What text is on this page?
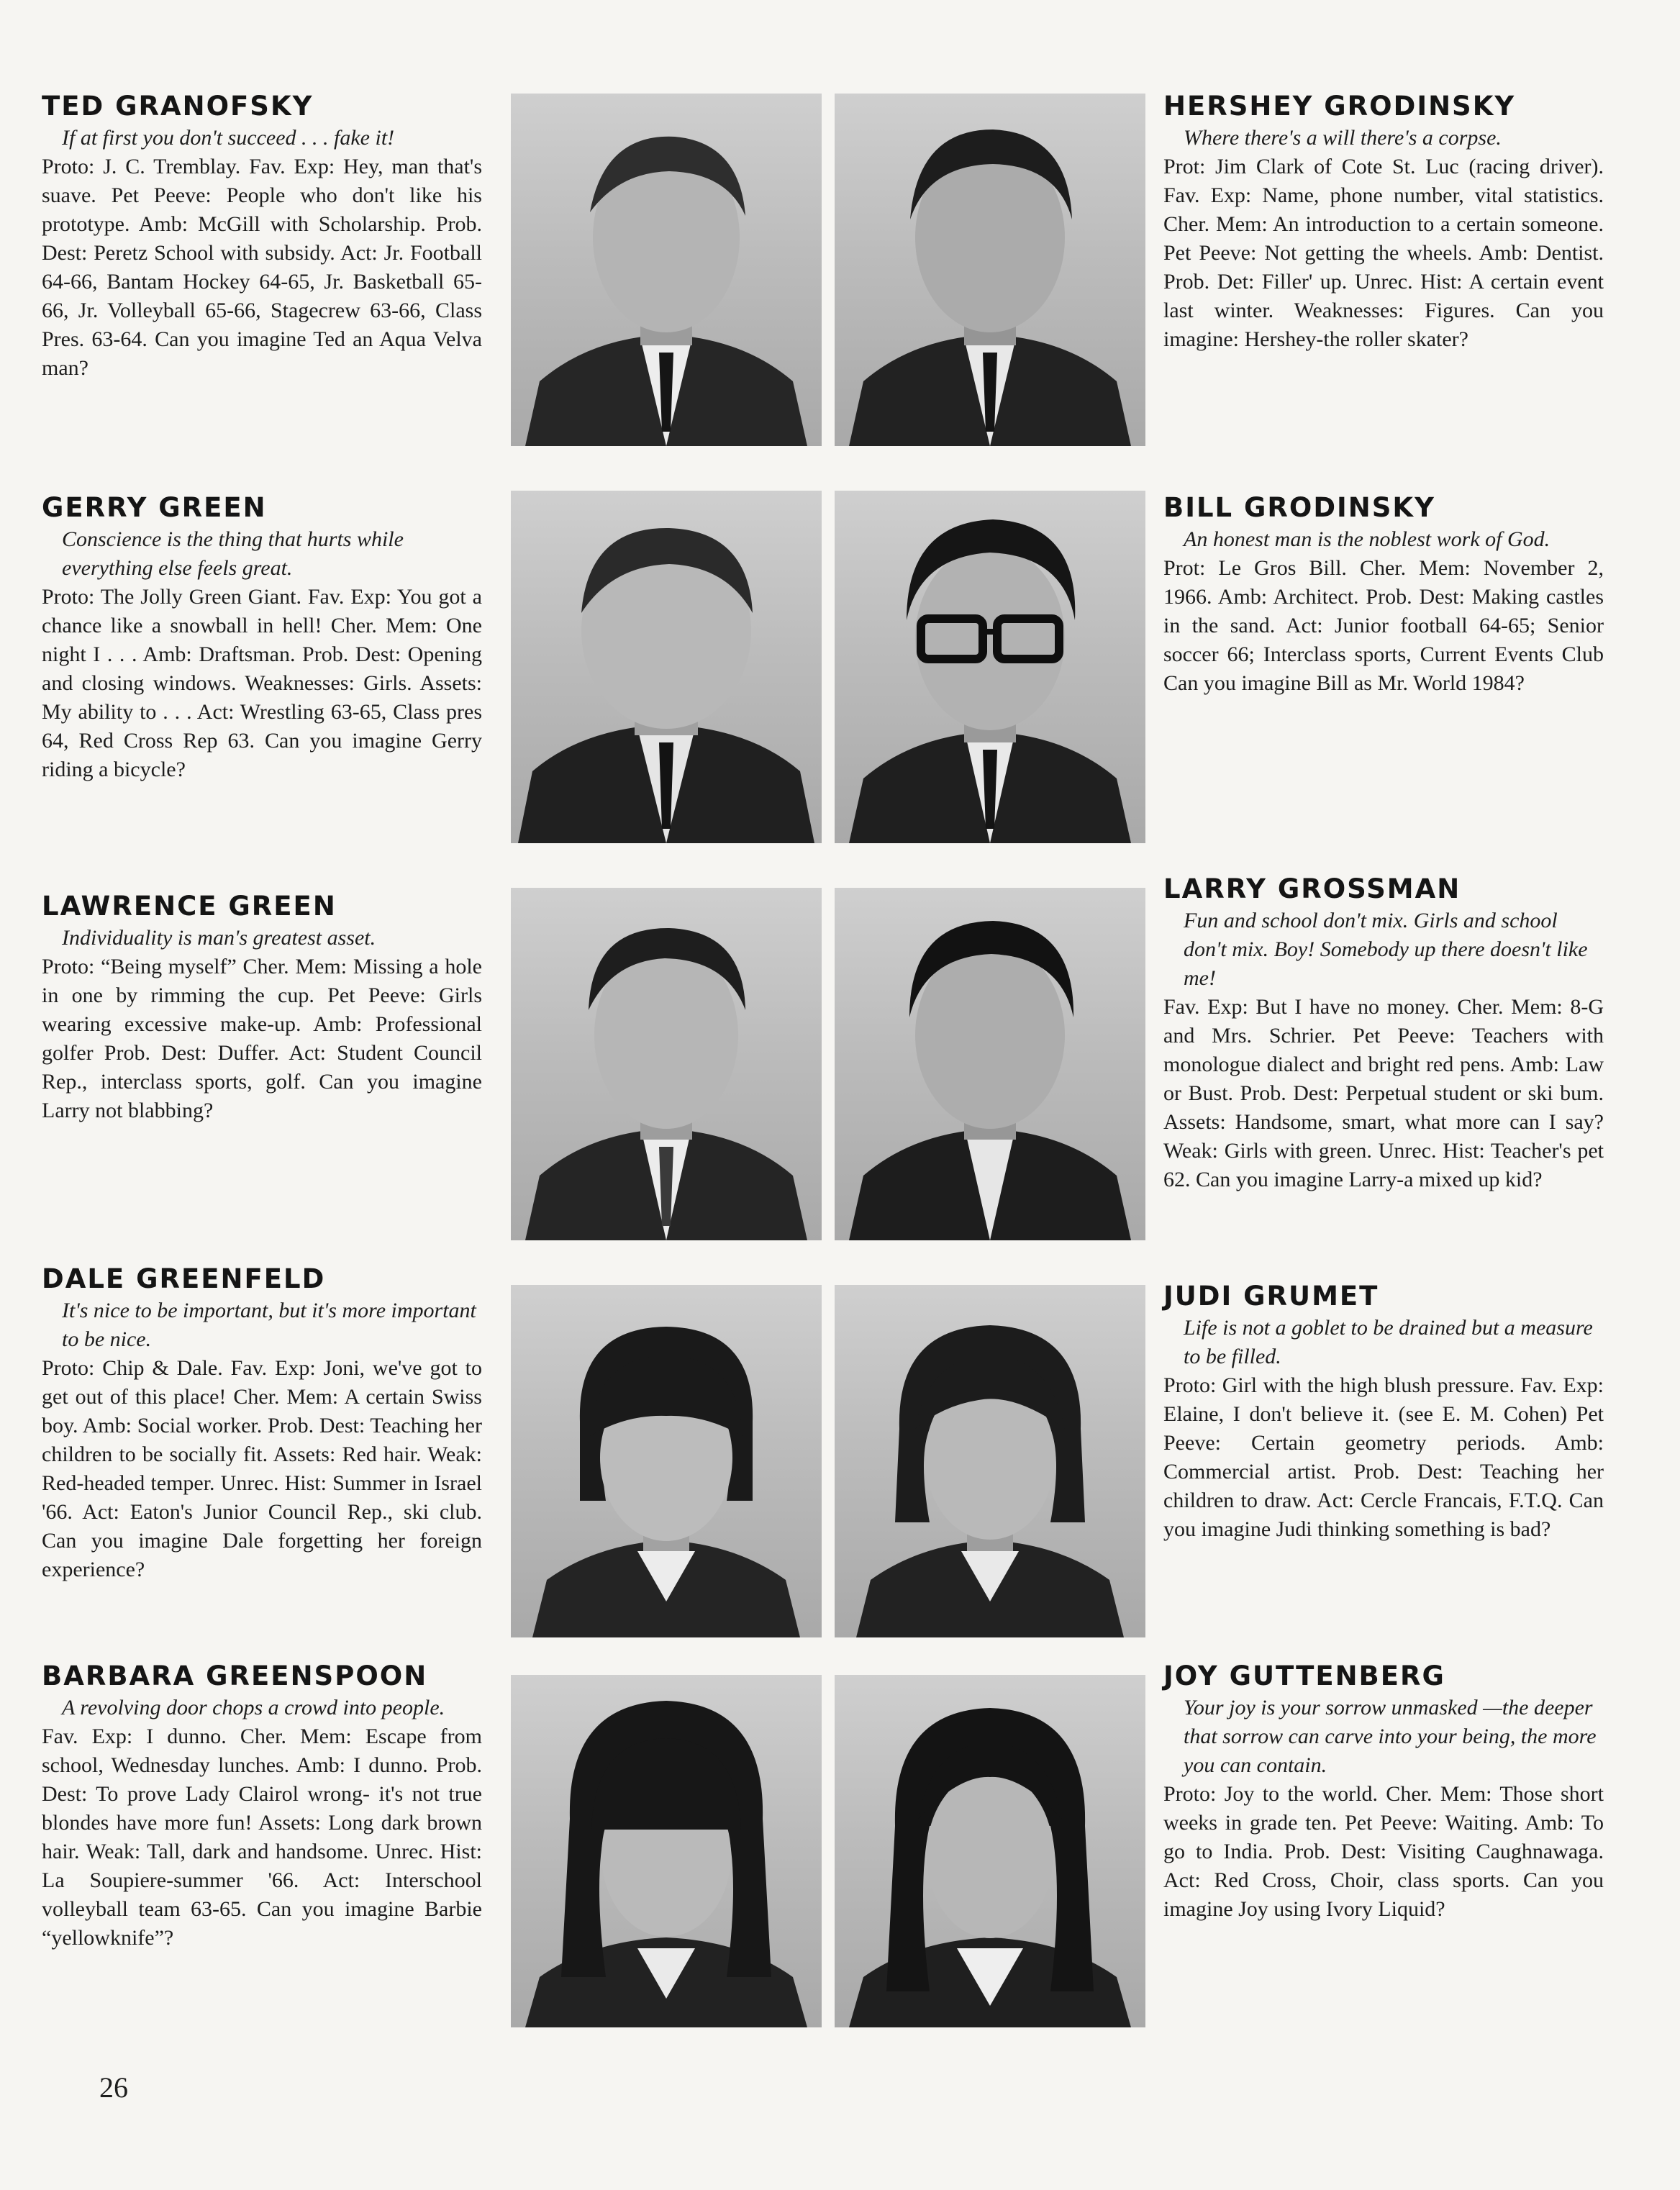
TED GRANOFSKY
If at first you don't succeed . . . fake it!
Proto: J. C. Tremblay. Fav. Exp: Hey, man that's suave. Pet Peeve: People who don't like his prototype. Amb: McGill with Scholarship. Prob. Dest: Peretz School with subsidy. Act: Jr. Football 64-66, Bantam Hockey 64-65, Jr. Basketball 65-66, Jr. Volleyball 65-66, Stagecrew 63-66, Class Pres. 63-64. Can you imagine Ted an Aqua Velva man?
HERSHEY GRODINSKY
Where there's a will there's a corpse.
Prot: Jim Clark of Cote St. Luc (racing driver). Fav. Exp: Name, phone number, vital statistics. Cher. Mem: An introduction to a certain someone. Pet Peeve: Not getting the wheels. Amb: Dentist. Prob. Det: Filler' up. Unrec. Hist: A certain event last winter. Weaknesses: Figures. Can you imagine: Hershey-the roller skater?
GERRY GREEN
Conscience is the thing that hurts while everything else feels great.
Proto: The Jolly Green Giant. Fav. Exp: You got a chance like a snowball in hell! Cher. Mem: One night I . . . Amb: Draftsman. Prob. Dest: Opening and closing windows. Weaknesses: Girls. Assets: My ability to . . . Act: Wrestling 63-65, Class pres 64, Red Cross Rep 63. Can you imagine Gerry riding a bicycle?
BILL GRODINSKY
An honest man is the noblest work of God.
Prot: Le Gros Bill. Cher. Mem: November 2, 1966. Amb: Architect. Prob. Dest: Making castles in the sand. Act: Junior football 64-65; Senior soccer 66; Interclass sports, Current Events Club Can you imagine Bill as Mr. World 1984?
LAWRENCE GREEN
Individuality is man's greatest asset.
Proto: “Being myself” Cher. Mem: Missing a hole in one by rimming the cup. Pet Peeve: Girls wearing excessive make-up. Amb: Professional golfer Prob. Dest: Duffer. Act: Student Council Rep., interclass sports, golf. Can you imagine Larry not blabbing?
LARRY GROSSMAN
Fun and school don't mix. Girls and school don't mix. Boy! Somebody up there doesn't like me!
Fav. Exp: But I have no money. Cher. Mem: 8-G and Mrs. Schrier. Pet Peeve: Teachers with monologue dialect and bright red pens. Amb: Law or Bust. Prob. Dest: Perpetual student or ski bum. Assets: Handsome, smart, what more can I say? Weak: Girls with green. Unrec. Hist: Teacher's pet 62. Can you imagine Larry-a mixed up kid?
DALE GREENFELD
It's nice to be important, but it's more important to be nice.
Proto: Chip & Dale. Fav. Exp: Joni, we've got to get out of this place! Cher. Mem: A certain Swiss boy. Amb: Social worker. Prob. Dest: Teaching her children to be socially fit. Assets: Red hair. Weak: Red-headed temper. Unrec. Hist: Summer in Israel '66. Act: Eaton's Junior Council Rep., ski club. Can you imagine Dale forgetting her foreign experience?
JUDI GRUMET
Life is not a goblet to be drained but a measure to be filled.
Proto: Girl with the high blush pressure. Fav. Exp: Elaine, I don't believe it. (see E. M. Cohen) Pet Peeve: Certain geometry periods. Amb: Commercial artist. Prob. Dest: Teaching her children to draw. Act: Cercle Francais, F.T.Q. Can you imagine Judi thinking something is bad?
BARBARA GREENSPOON
A revolving door chops a crowd into people.
Fav. Exp: I dunno. Cher. Mem: Escape from school, Wednesday lunches. Amb: I dunno. Prob. Dest: To prove Lady Clairol wrong- it's not true blondes have more fun! Assets: Long dark brown hair. Weak: Tall, dark and handsome. Unrec. Hist: La Soupiere-summer '66. Act: Interschool volleyball team 63-65. Can you imagine Barbie “yellowknife”?
JOY GUTTENBERG
Your joy is your sorrow unmasked —the deeper that sorrow can carve into your being, the more you can contain.
Proto: Joy to the world. Cher. Mem: Those short weeks in grade ten. Pet Peeve: Waiting. Amb: To go to India. Prob. Dest: Visiting Caughnawaga. Act: Red Cross, Choir, class sports. Can you imagine Joy using Ivory Liquid?
26
